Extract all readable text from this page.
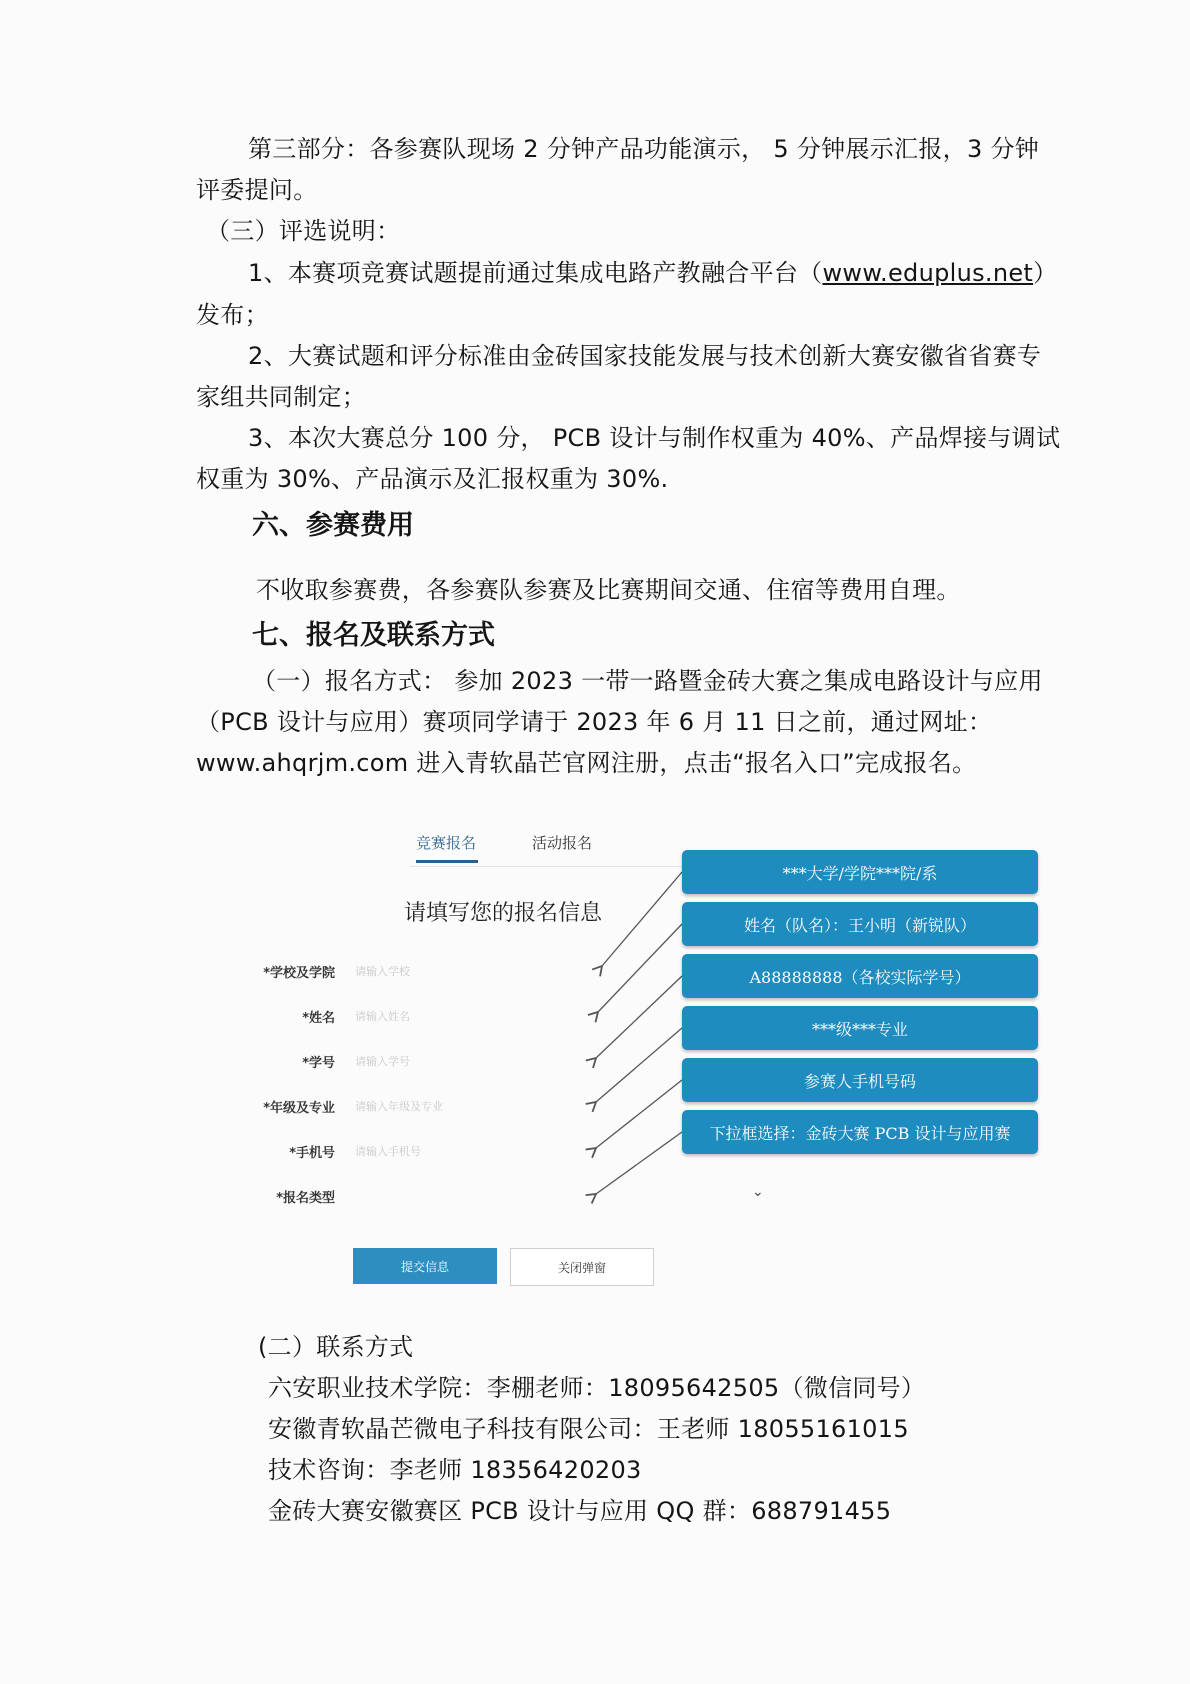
第三部分：各参赛队现场 2 分钟产品功能演示， 5 分钟展示汇报，3 分钟
评委提问。
（三）评选说明：
1、本赛项竞赛试题提前通过集成电路产教融合平台（www.eduplus.net）
发布；
2、大赛试题和评分标准由金砖国家技能发展与技术创新大赛安徽省省赛专
家组共同制定；
3、本次大赛总分 100 分， PCB 设计与制作权重为 40%、产品焊接与调试
权重为 30%、产品演示及汇报权重为 30%.
六、参赛费用
不收取参赛费，各参赛队参赛及比赛期间交通、住宿等费用自理。
七、报名及联系方式
（一）报名方式： 参加 2023 一带一路暨金砖大赛之集成电路设计与应用
（PCB 设计与应用）赛项同学请于 2023 年 6 月 11 日之前，通过网址：
www.ahqrjm.com 进入青软晶芒官网注册，点击“报名入口”完成报名。
竞赛报名	活动报名
请填写您的报名信息
*学校及学院 请输入学校
*姓名 请输入姓名
*学号 请输入学号
*年级及专业 请输入年级及专业
*手机号 请输入手机号
*报名类型	⌄
提交信息	关闭弹窗
***大学/学院***院/系
姓名（队名）：王小明（新锐队）
A88888888（各校实际学号）
***级***专业
参赛人手机号码
下拉框选择：金砖大赛 PCB 设计与应用赛
(二）联系方式
六安职业技术学院：李棚老师：18095642505（微信同号）
安徽青软晶芒微电子科技有限公司：王老师 18055161015
技术咨询：李老师 18356420203
金砖大赛安徽赛区 PCB 设计与应用 QQ 群：688791455
